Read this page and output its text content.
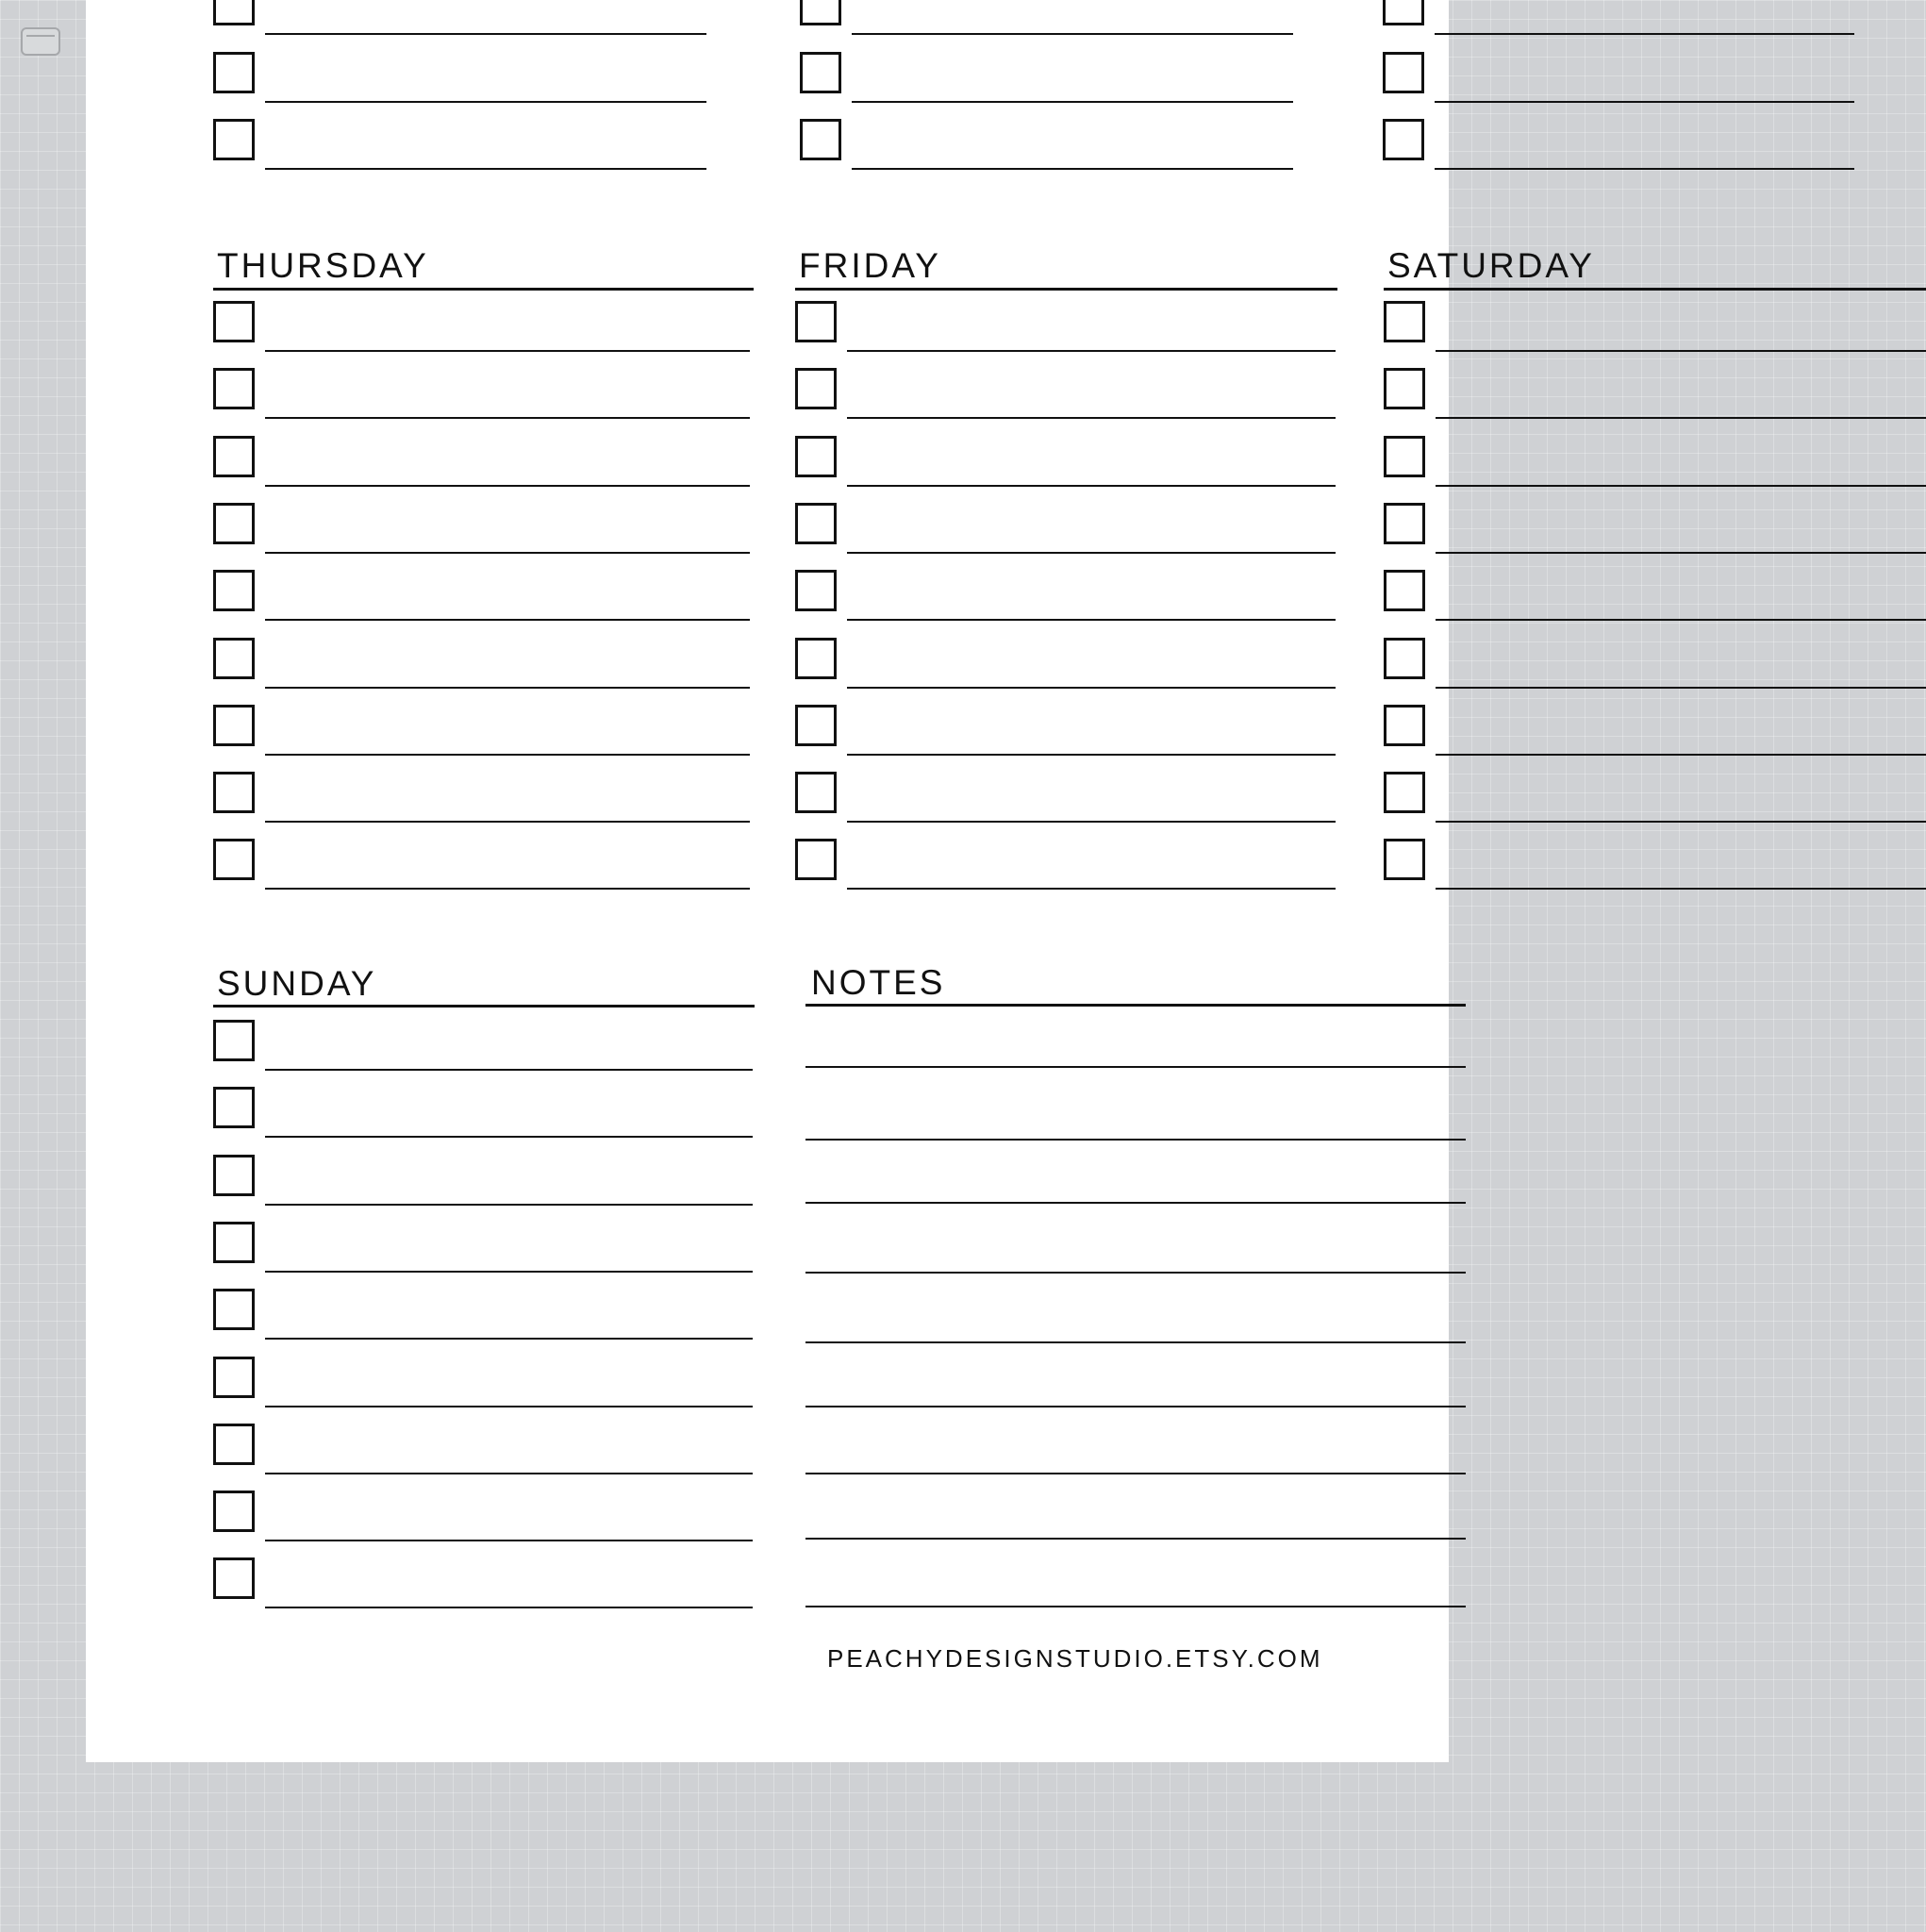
THURSDAY	FRIDAY	SATURDAY
SUNDAY	NOTES
PEACHYDESIGNSTUDIO.ETSY.COM
